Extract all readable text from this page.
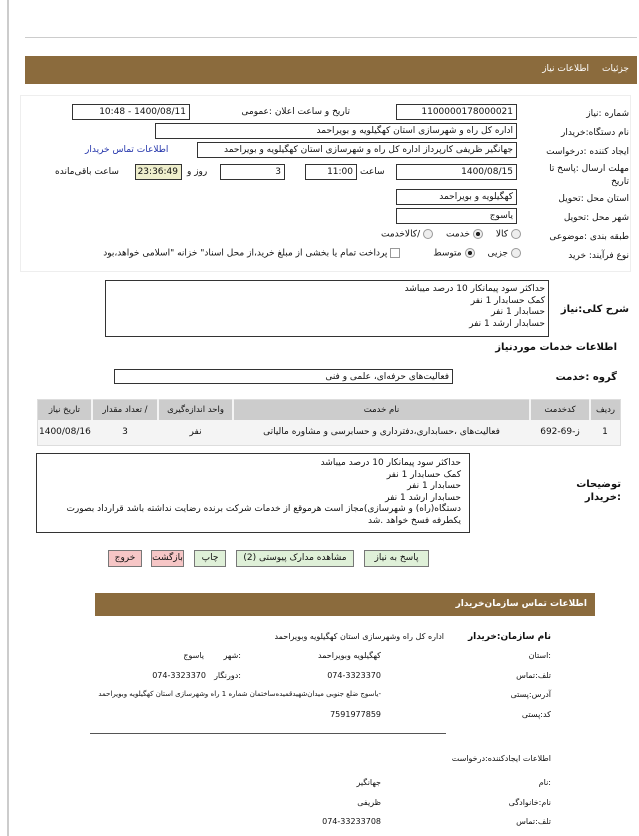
جزئیات
اطلاعات نیاز
شماره :نیاز
1100000178000021
تاریخ و ساعت اعلان :عمومی
1400/08/11 - 10:48
نام دستگاه:خریدار
اداره کل راه و شهرسازی استان کهگیلویه و بویراحمد
ایجاد کننده :درخواست
جهانگیر ظریفی کارپرداز اداره کل راه و شهرسازی استان کهگیلویه و بویراحمد
اطلاعات تماس خریدار
مهلت ارسال :پاسخ تا تاریخ
1400/08/15
ساعت
11:00
3
روز و
23:36:49
ساعت باقی‌مانده
استان محل :تحویل
کهگیلویه و بویراحمد
شهر محل :تحویل
یاسوج
طبقه بندی :موضوعی
کالا خدمت /کالاخدمت
نوع فرآیند: خرید
جزیی متوسط پرداخت تمام یا بخشی از مبلغ خرید،از محل اسناد" خزانه "اسلامی خواهد،بود
شرح کلی:نیاز
حداکثر سود پیمانکار 10 درصد میباشد
کمک حسابدار 1 نفر
حسابدار 1 نفر
حسابدار ارشد 1 نفر
اطلاعات خدمات موردنیاز
گروه :خدمت
فعالیت‌های حرفه‌ای، علمی و فنی
ردیف	کدخدمت	نام خدمت	واحد اندازه‌گیری	/ تعداد مقدار	تاریخ نیاز
1	ز-69-692	فعالیت‌های ،حسابداری،دفترداری و حسابرسی و مشاوره مالیاتی	نفر	3	1400/08/16
توضیحات :خریدار
حداکثر سود پیمانکار 10 درصد میباشد
کمک حسابدار 1 نفر
حسابدار 1 نفر
حسابدار ارشد 1 نفر
دستگاه(راه) و شهرسازی)مجاز است هرموقع از خدمات شرکت برنده رضایت نداشته باشد قرارداد بصورت یکطرفه فسخ خواهد .شد
پاسخ به نیاز
مشاهده مدارک پیوستی (2)
چاپ
بازگشت
خروج
اطلاعات تماس سازمان‌خریدار
نام سازمان:خریدار
اداره کل راه وشهرسازی استان کهگیلویه وبویراحمد
:استان
کهگیلویه وبویراحمد
:شهر
یاسوج
تلف:تماس
074-3323370
:دورنگار
074-3323370
آدرس:پستی
-یاسوج ضلع جنوبی میدان‌شهیدقمیده‌ساختمان شماره 1 راه وشهرسازی استان کهگیلویه وبویراحمد
کد:پستی
7591977859
اطلاعات ایجادکننده:درخواست
:نام
جهانگیر
نام:خانوادگی
ظریفی
تلف:تماس
074-33233708
